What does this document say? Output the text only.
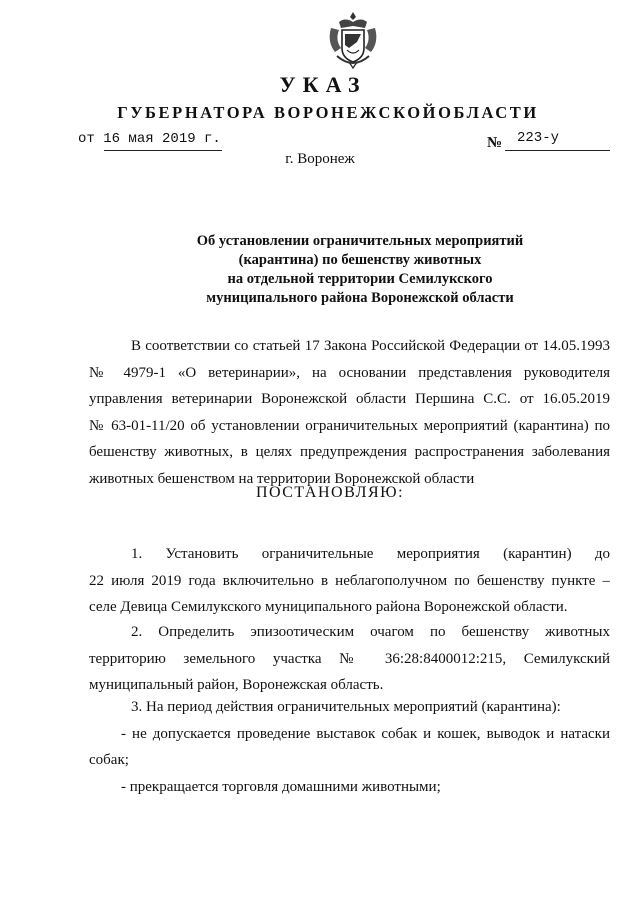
УКАЗ
ГУБЕРНАТОРА ВОРОНЕЖСКОЙОБЛАСТИ
от 16 мая 2019 г.	№ 223-у
г. Воронеж
Об установлении ограничительных мероприятий
(карантина) по бешенству животных
на отдельной территории Семилукского
муниципального района Воронежской области
В соответствии со статьей 17 Закона Российской Федерации от 14.05.1993
№ 4979-1 «О ветеринарии», на основании представления руководителя
управления ветеринарии Воронежской области Першина С.С. от 16.05.2019
№ 63-01-11/20 об установлении ограничительных мероприятий (карантина) по
бешенству животных, в целях предупреждения распространения заболевания
животных бешенством на территории Воронежской области
ПОСТАНОВЛЯЮ:
1. Установить ограничительные мероприятия (карантин) до
22 июля 2019 года включительно в неблагополучном по бешенству пункте –
селе Девица Семилукского муниципального района Воронежской области.
2. Определить эпизоотическим очагом по бешенству животных
территорию земельного участка № 36:28:8400012:215, Семилукский
муниципальный район, Воронежская область.
3. На период действия ограничительных мероприятий (карантина):
- не допускается проведение выставок собак и кошек, выводок и натаски
собак;
- прекращается торговля домашними животными;
